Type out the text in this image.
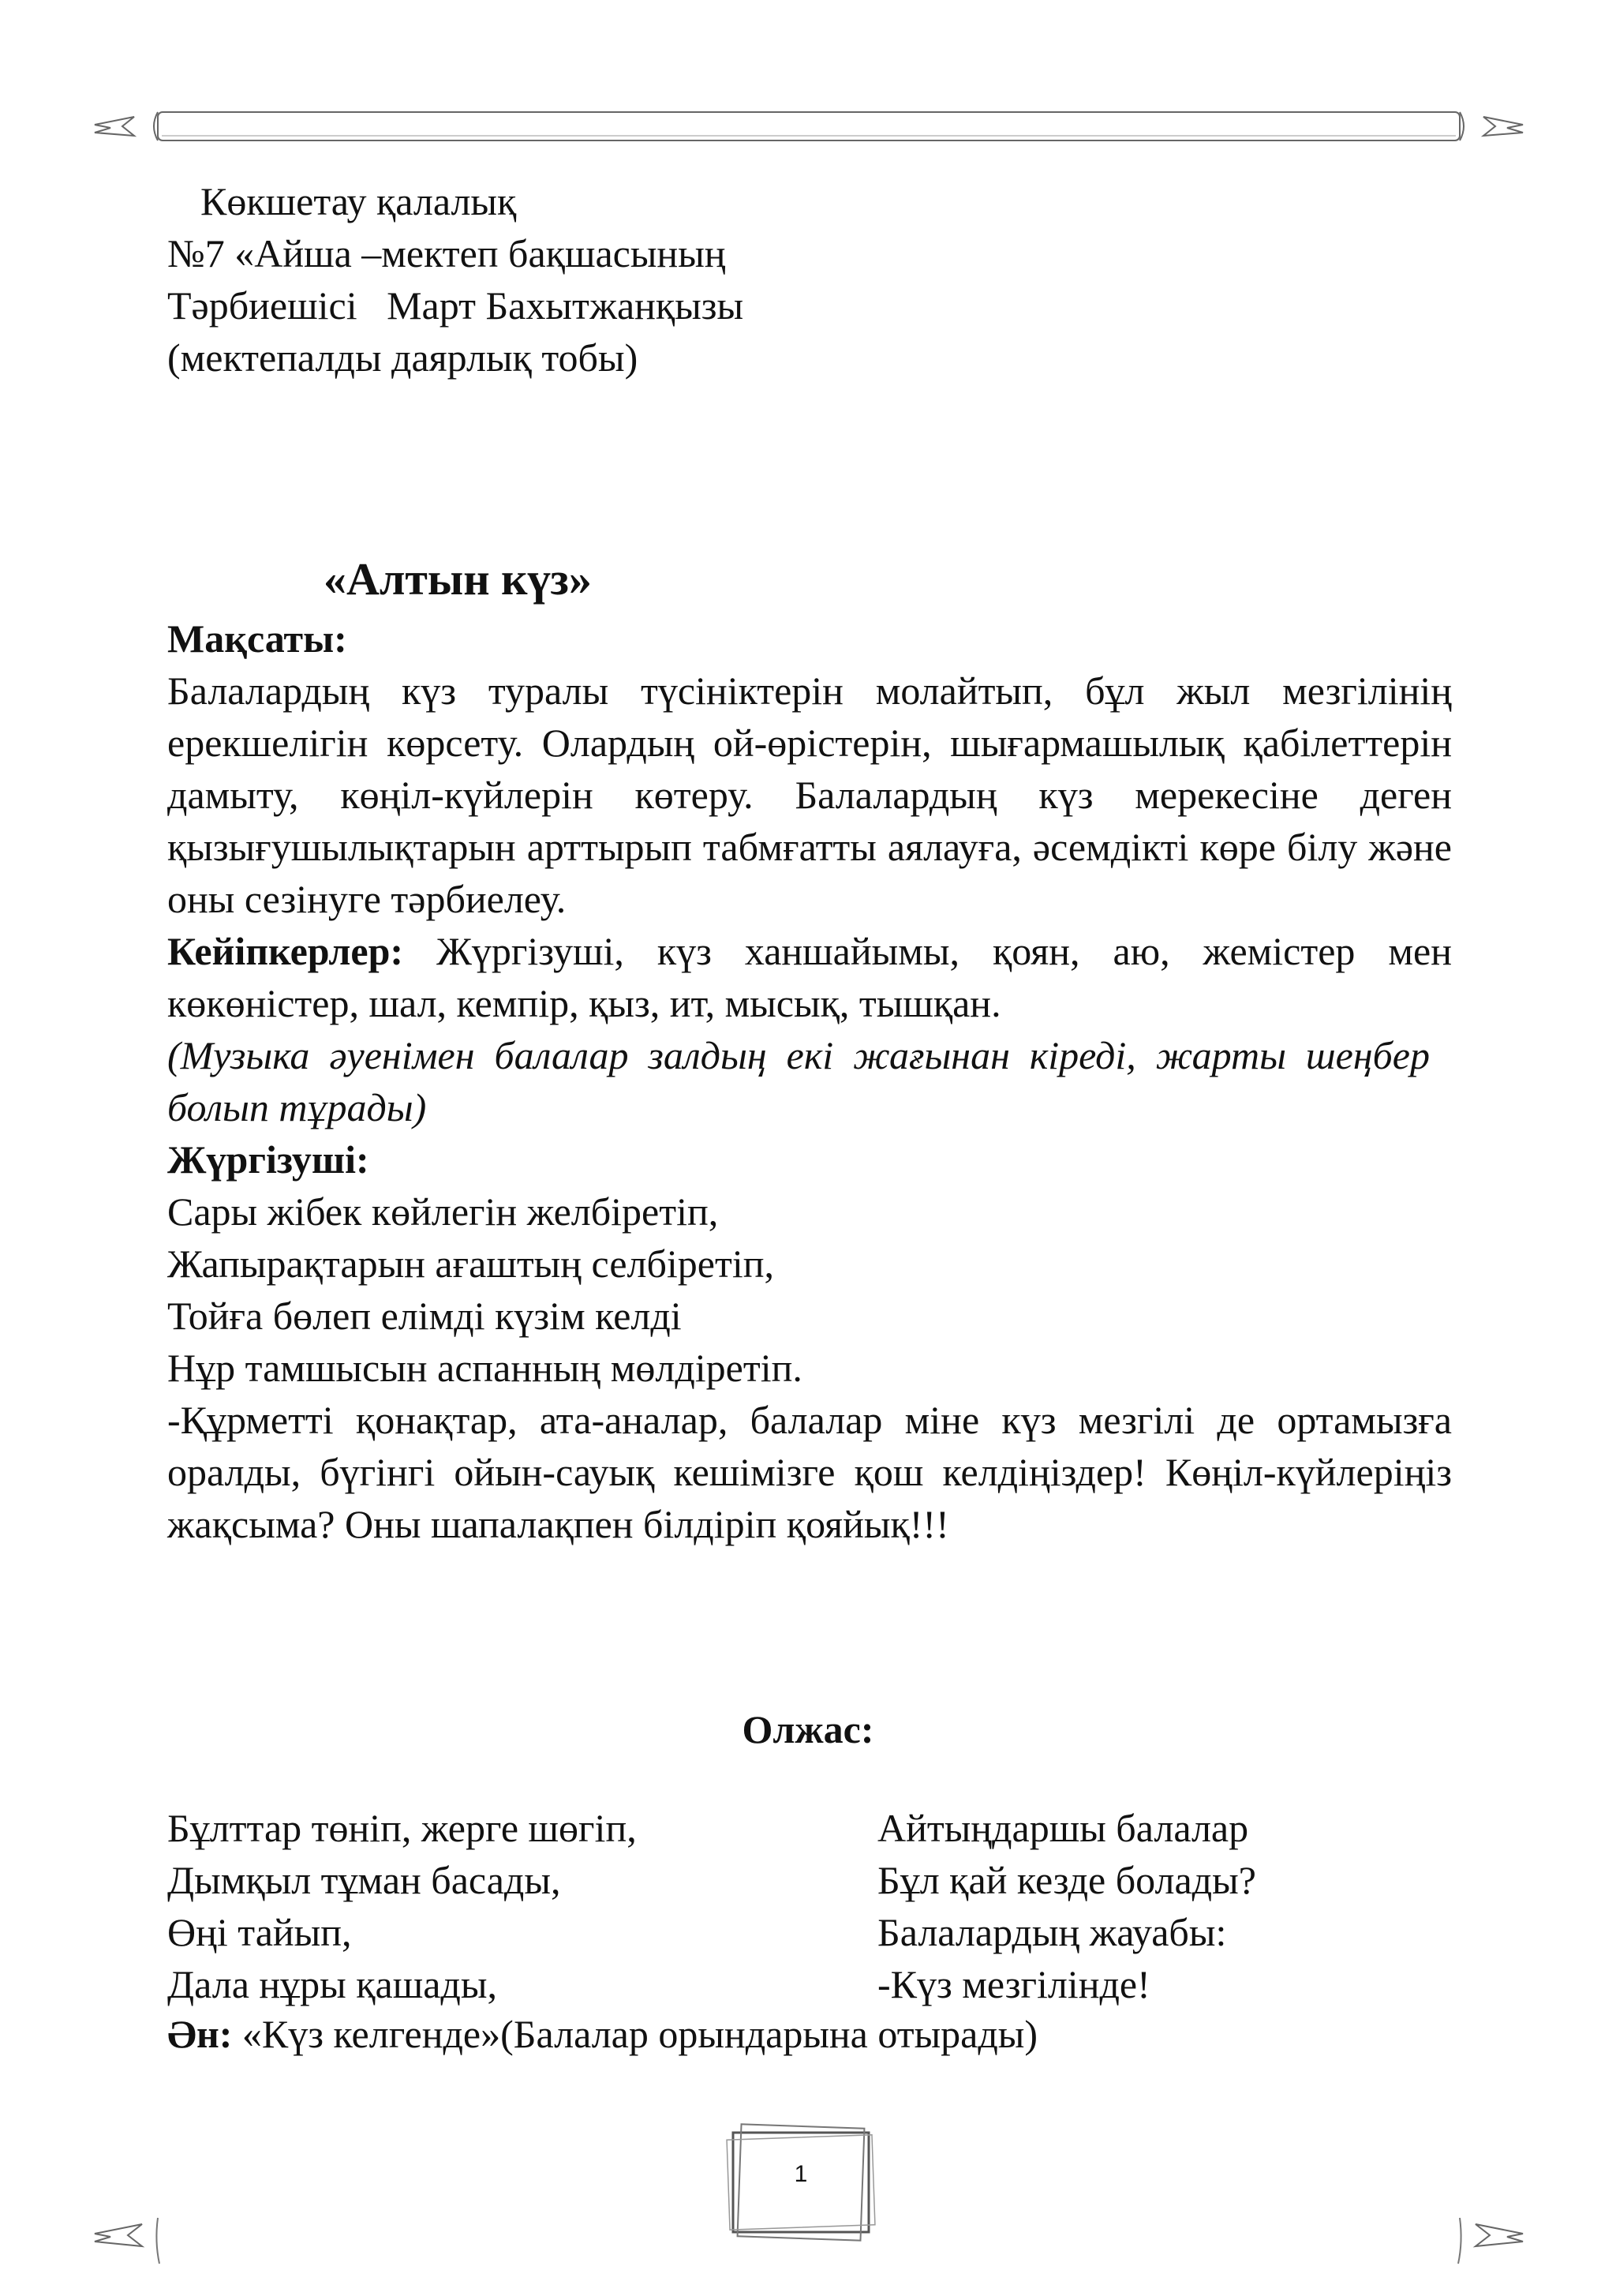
Көкшетау қалалық
№7 «Айша –мектеп бақшасының
Тәрбиешісі   Март Бахытжанқызы
(мектепалды даярлық тобы)
«Алтын күз»
Мақсаты:
Балалардың күз туралы түсініктерін молайтып, бұл жыл мезгілінің ерекшелігін көрсету. Олардың ой-өрістерін, шығармашылық қабілеттерін дамыту, көңіл-күйлерін көтеру. Балалардың күз мерекесіне деген қызығушылықтарын арттырып табмғатты аялауға, әсемдікті көре білу және оны сезінуге тәрбиелеу.
Кейіпкерлер: Жүргізуші, күз ханшайымы, қоян, аю, жемістер мен көкөністер, шал, кемпір, қыз, ит, мысық, тышқан.
(Музыка әуенімен балалар залдың екі жағынан кіреді, жарты шеңбер болып тұрады)
Жүргізуші:
Сары жібек көйлегін желбіретіп,
Жапырақтарын ағаштың селбіретіп,
Тойға бөлеп елімді күзім келді
Нұр тамшысын аспанның мөлдіретіп.
-Құрметті қонақтар, ата-аналар, балалар міне күз мезгілі де ортамызға оралды, бүгінгі ойын-сауық кешімізге қош келдіңіздер! Көңіл-күйлеріңіз жақсыма? Оны шапалақпен білдіріп қояйық!!!
Олжас:
Бұлттар төніп, жерге шөгіп,
Дымқыл тұман басады,
Өңі тайып,
Дала нұры қашады,
Айтыңдаршы балалар
Бұл қай кезде болады?
Балалардың жауабы:
-Күз мезгілінде!
Ән: «Күз келгенде»(Балалар орындарына отырады)
1
